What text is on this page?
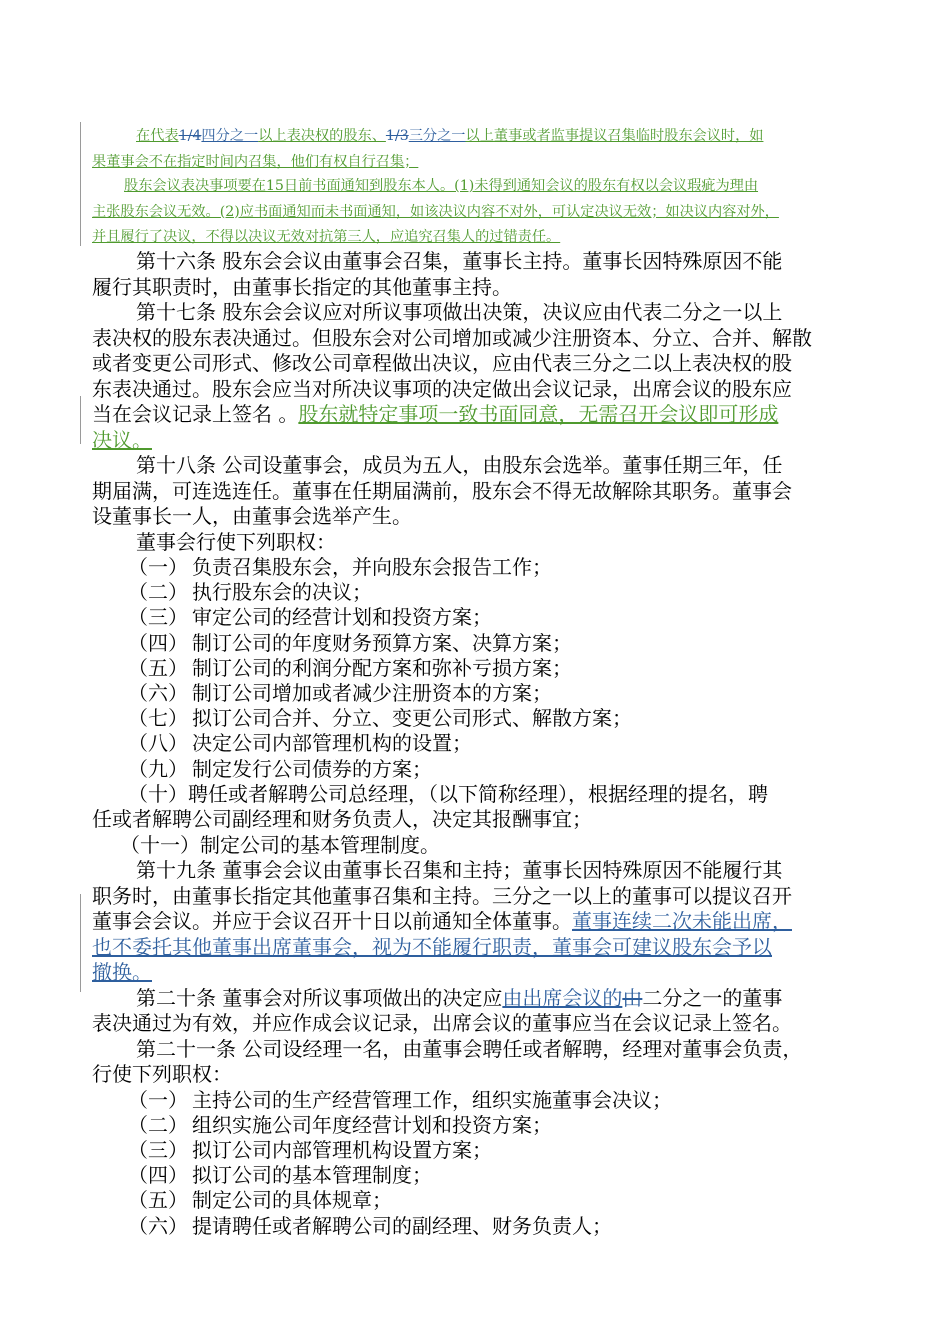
在代表1/4四分之一以上表决权的股东、1/3三分之一以上董事或者监事提议召集临时股东会议时，如
果董事会不在指定时间内召集，他们有权自行召集；
股东会议表决事项要在15日前书面通知到股东本人。(1)未得到通知会议的股东有权以会议瑕疵为理由
主张股东会议无效。(2)应书面通知而未书面通知，如该决议内容不对外，可认定决议无效；如决议内容对外，
并且履行了决议，不得以决议无效对抗第三人，应追究召集人的过错责任。
第十六条 股东会会议由董事会召集，董事长主持。董事长因特殊原因不能
履行其职责时，由董事长指定的其他董事主持。
第十七条 股东会会议应对所议事项做出决策，决议应由代表二分之一以上
表决权的股东表决通过。但股东会对公司增加或减少注册资本、分立、合并、解散
或者变更公司形式、修改公司章程做出决议，应由代表三分之二以上表决权的股
东表决通过。股东会应当对所决议事项的决定做出会议记录，出席会议的股东应
当在会议记录上签名 。股东就特定事项一致书面同意，无需召开会议即可形成
决议。
第十八条 公司设董事会，成员为五人，由股东会选举。董事任期三年，任
期届满，可连选连任。董事在任期届满前，股东会不得无故解除其职务。董事会
设董事长一人，由董事会选举产生。
董事会行使下列职权：
（一） 负责召集股东会，并向股东会报告工作；
（二） 执行股东会的决议；
（三） 审定公司的经营计划和投资方案；
（四） 制订公司的年度财务预算方案、决算方案；
（五） 制订公司的利润分配方案和弥补亏损方案；
（六） 制订公司增加或者减少注册资本的方案；
（七） 拟订公司合并、分立、变更公司形式、解散方案；
（八） 决定公司内部管理机构的设置；
（九） 制定发行公司债券的方案；
（十）聘任或者解聘公司总经理，（以下简称经理），根据经理的提名，聘
任或者解聘公司副经理和财务负责人，决定其报酬事宜；
（十一）制定公司的基本管理制度。
第十九条 董事会会议由董事长召集和主持；董事长因特殊原因不能履行其
职务时，由董事长指定其他董事召集和主持。三分之一以上的董事可以提议召开
董事会会议。并应于会议召开十日以前通知全体董事。董事连续二次未能出席，
也不委托其他董事出席董事会，视为不能履行职责，董事会可建议股东会予以
撤换。
第二十条 董事会对所议事项做出的决定应由出席会议的由二分之一的董事
表决通过为有效，并应作成会议记录，出席会议的董事应当在会议记录上签名。
第二十一条 公司设经理一名，由董事会聘任或者解聘，经理对董事会负责，
行使下列职权：
（一） 主持公司的生产经营管理工作，组织实施董事会决议；
（二） 组织实施公司年度经营计划和投资方案；
（三） 拟订公司内部管理机构设置方案；
（四） 拟订公司的基本管理制度；
（五） 制定公司的具体规章；
（六） 提请聘任或者解聘公司的副经理、财务负责人；
